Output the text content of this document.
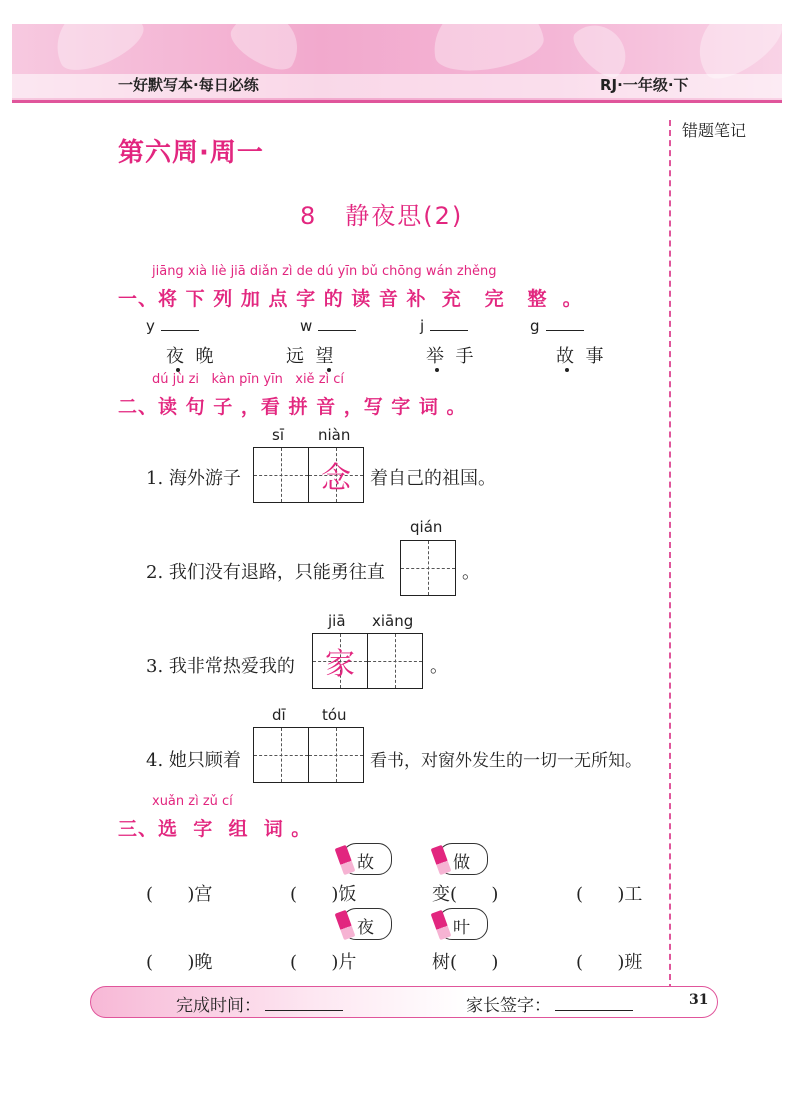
一好默写本·每日必练	RJ·一年级·下
错题笔记
第六周·周一
8 静夜思(2)
jiāng xià liè jiā diǎn zì de dú yīn bǔ chōng wán zhěng
一、将 下 列 加 点 字 的 读 音 补  充   完   整  。
y	w	j	g
夜  晚	远  望	举  手	故  事
dú jù zi   kàn pīn yīn   xiě zì cí
二、读 句 子 ，看 拼 音 ，写 字 词 。
sī niàn
1. 海外游子	念	着自己的祖国。
qián
2. 我们没有退路，只能勇往直	。
jiā xiāng
3. 我非常热爱我的	家	。
dī tóu
4. 她只顾着	看书，对窗外发生的一切一无所知。
xuǎn zì zǔ cí
三、选  字  组  词 。
故	做
(      )宫	(      )饭	变(      )	(      )工
夜	叶
(      )晚	(      )片	树(      )	(      )班
完成时间：	家长签字：	31
